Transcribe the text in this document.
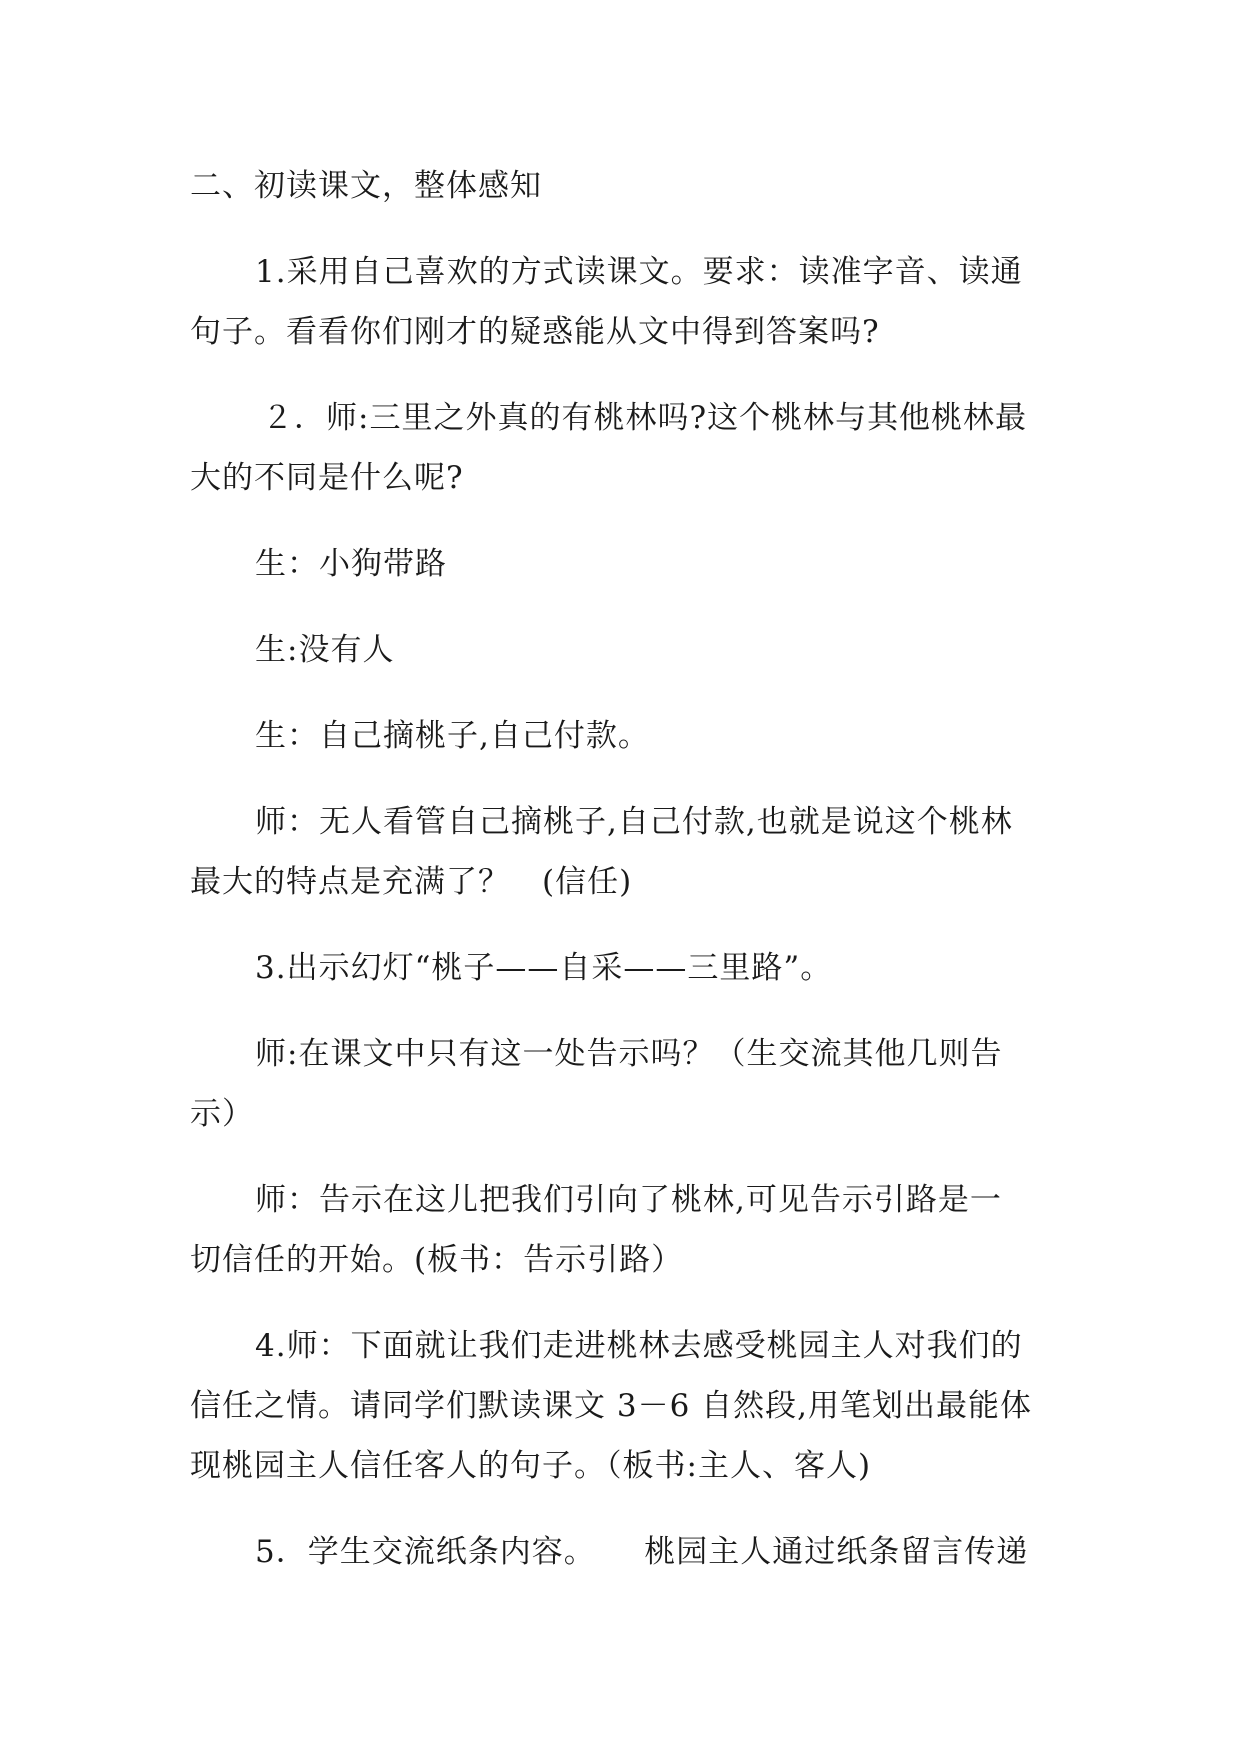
二、初读课文，整体感知
1.采用自己喜欢的方式读课文。要求：读准字音、读通
句子。看看你们刚才的疑惑能从文中得到答案吗?
２．师:三里之外真的有桃林吗?这个桃林与其他桃林最
大的不同是什么呢?
生：小狗带路
生:没有人
生：自己摘桃子,自己付款。
师：无人看管自己摘桃子,自己付款,也就是说这个桃林
最大的特点是充满了？　(信任)
3.出示幻灯“桃子——自采——三里路”。
师:在课文中只有这一处告示吗？（生交流其他几则告
示）
师：告示在这儿把我们引向了桃林,可见告示引路是一
切信任的开始。(板书：告示引路）
4.师：下面就让我们走进桃林去感受桃园主人对我们的
信任之情。请同学们默读课文 3－6 自然段,用笔划出最能体
现桃园主人信任客人的句子。（板书:主人、客人)
5．学生交流纸条内容。　　桃园主人通过纸条留言传递
